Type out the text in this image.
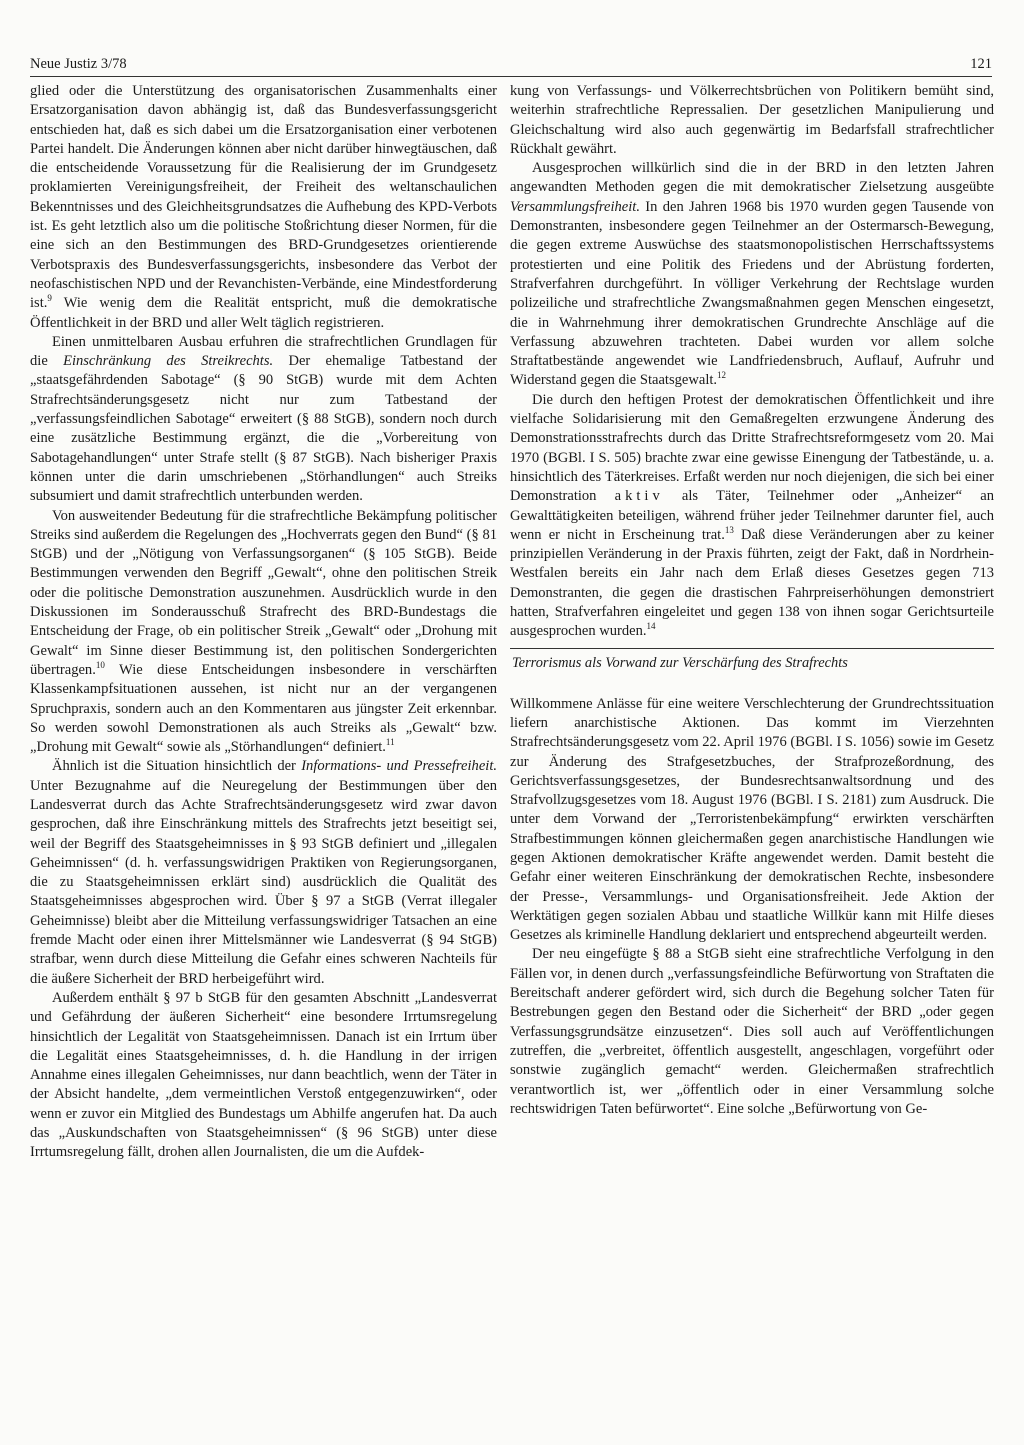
Neue Justiz 3/78	121

glied oder die Unterstützung des organisatorischen Zusammenhalts einer Ersatzorganisation davon abhängig ist, daß das Bundesverfassungsgericht entschieden hat, daß es sich dabei um die Ersatzorganisation einer verbotenen Partei handelt. Die Änderungen können aber nicht darüber hinwegtäuschen, daß die entscheidende Voraussetzung für die Realisierung der im Grundgesetz proklamierten Vereinigungsfreiheit, der Freiheit des weltanschaulichen Bekenntnisses und des Gleichheitsgrundsatzes die Aufhebung des KPD-Verbots ist. Es geht letztlich also um die politische Stoßrichtung dieser Normen, für die eine sich an den Bestimmungen des BRD-Grundgesetzes orientierende Verbotspraxis des Bundesverfassungsgerichts, insbesondere das Verbot der neofaschistischen NPD und der Revanchisten-Verbände, eine Mindestforderung ist.$^9$ Wie wenig dem die Realität entspricht, muß die demokratische Öffentlichkeit in der BRD und aller Welt täglich registrieren.

Einen unmittelbaren Ausbau erfuhren die strafrechtlichen Grundlagen für die Einschränkung des Streikrechts. Der ehemalige Tatbestand der „staatsgefährdenden Sabotage“ (§ 90 StGB) wurde mit dem Achten Strafrechtsänderungsgesetz nicht nur zum Tatbestand der „verfassungsfeindlichen Sabotage“ erweitert (§ 88 StGB), sondern noch durch eine zusätzliche Bestimmung ergänzt, die die „Vorbereitung von Sabotagehandlungen“ unter Strafe stellt (§ 87 StGB). Nach bisheriger Praxis können unter die darin umschriebenen „Störhandlungen“ auch Streiks subsumiert und damit strafrechtlich unterbunden werden.

Von ausweitender Bedeutung für die strafrechtliche Bekämpfung politischer Streiks sind außerdem die Regelungen des „Hochverrats gegen den Bund“ (§ 81 StGB) und der „Nötigung von Verfassungsorganen“ (§ 105 StGB). Beide Bestimmungen verwenden den Begriff „Gewalt“, ohne den politischen Streik oder die politische Demonstration auszunehmen. Ausdrücklich wurde in den Diskussionen im Sonderausschuß Strafrecht des BRD-Bundestags die Entscheidung der Frage, ob ein politischer Streik „Gewalt“ oder „Drohung mit Gewalt“ im Sinne dieser Bestimmung ist, den politischen Sondergerichten übertragen.$^{10}$ Wie diese Entscheidungen insbesondere in verschärften Klassenkampfsituationen aussehen, ist nicht nur an der vergangenen Spruchpraxis, sondern auch an den Kommentaren aus jüngster Zeit erkennbar. So werden sowohl Demonstrationen als auch Streiks als „Gewalt“ bzw. „Drohung mit Gewalt“ sowie als „Störhandlungen“ definiert.$^{11}$

Ähnlich ist die Situation hinsichtlich der Informations- und Pressefreiheit. Unter Bezugnahme auf die Neuregelung der Bestimmungen über den Landesverrat durch das Achte Strafrechtsänderungsgesetz wird zwar davon gesprochen, daß ihre Einschränkung mittels des Strafrechts jetzt beseitigt sei, weil der Begriff des Staatsgeheimnisses in § 93 StGB definiert und „illegalen Geheimnissen“ (d. h. verfassungswidrigen Praktiken von Regierungsorganen, die zu Staatsgeheimnissen erklärt sind) ausdrücklich die Qualität des Staatsgeheimnisses abgesprochen wird. Über § 97 a StGB (Verrat illegaler Geheimnisse) bleibt aber die Mitteilung verfassungswidriger Tatsachen an eine fremde Macht oder einen ihrer Mittelsmänner wie Landesverrat (§ 94 StGB) strafbar, wenn durch diese Mitteilung die Gefahr eines schweren Nachteils für die äußere Sicherheit der BRD herbeigeführt wird.

Außerdem enthält § 97 b StGB für den gesamten Abschnitt „Landesverrat und Gefährdung der äußeren Sicherheit“ eine besondere Irrtumsregelung hinsichtlich der Legalität von Staatsgeheimnissen. Danach ist ein Irrtum über die Legalität eines Staatsgeheimnisses, d. h. die Handlung in der irrigen Annahme eines illegalen Geheimnisses, nur dann beachtlich, wenn der Täter in der Absicht handelte, „dem vermeintlichen Verstoß entgegenzuwirken“, oder wenn er zuvor ein Mitglied des Bundestags um Abhilfe angerufen hat. Da auch das „Auskundschaften von Staatsgeheimnissen“ (§ 96 StGB) unter diese Irrtumsregelung fällt, drohen allen Journalisten, die um die Aufdek-

kung von Verfassungs- und Völkerrechtsbrüchen von Politikern bemüht sind, weiterhin strafrechtliche Repressalien. Der gesetzlichen Manipulierung und Gleichschaltung wird also auch gegenwärtig im Bedarfsfall strafrechtlicher Rückhalt gewährt.

Ausgesprochen willkürlich sind die in der BRD in den letzten Jahren angewandten Methoden gegen die mit demokratischer Zielsetzung ausgeübte Versammlungsfreiheit. In den Jahren 1968 bis 1970 wurden gegen Tausende von Demonstranten, insbesondere gegen Teilnehmer an der Ostermarsch-Bewegung, die gegen extreme Auswüchse des staatsmonopolistischen Herrschaftssystems protestierten und eine Politik des Friedens und der Abrüstung forderten, Strafverfahren durchgeführt. In völliger Verkehrung der Rechtslage wurden polizeiliche und strafrechtliche Zwangsmaßnahmen gegen Menschen eingesetzt, die in Wahrnehmung ihrer demokratischen Grundrechte Anschläge auf die Verfassung abzuwehren trachteten. Dabei wurden vor allem solche Straftatbestände angewendet wie Landfriedensbruch, Auflauf, Aufruhr und Widerstand gegen die Staatsgewalt.$^{12}$

Die durch den heftigen Protest der demokratischen Öffentlichkeit und ihre vielfache Solidarisierung mit den Gemaßregelten erzwungene Änderung des Demonstrationsstrafrechts durch das Dritte Strafrechtsreformgesetz vom 20. Mai 1970 (BGBl. I S. 505) brachte zwar eine gewisse Einengung der Tatbestände, u. a. hinsichtlich des Täterkreises. Erfaßt werden nur noch diejenigen, die sich bei einer Demonstration aktiv als Täter, Teilnehmer oder „Anheizer“ an Gewalttätigkeiten beteiligen, während früher jeder Teilnehmer darunter fiel, auch wenn er nicht in Erscheinung trat.$^{13}$ Daß diese Veränderungen aber zu keiner prinzipiellen Veränderung in der Praxis führten, zeigt der Fakt, daß in Nordrhein-Westfalen bereits ein Jahr nach dem Erlaß dieses Gesetzes gegen 713 Demonstranten, die gegen die drastischen Fahrpreiserhöhungen demonstriert hatten, Strafverfahren eingeleitet und gegen 138 von ihnen sogar Gerichtsurteile ausgesprochen wurden.$^{14}$

Terrorismus als Vorwand zur Verschärfung des Strafrechts

Willkommene Anlässe für eine weitere Verschlechterung der Grundrechtssituation liefern anarchistische Aktionen. Das kommt im Vierzehnten Strafrechtsänderungsgesetz vom 22. April 1976 (BGBl. I S. 1056) sowie im Gesetz zur Änderung des Strafgesetzbuches, der Strafprozeßordnung, des Gerichtsverfassungsgesetzes, der Bundesrechtsanwaltsordnung und des Strafvollzugsgesetzes vom 18. August 1976 (BGBl. I S. 2181) zum Ausdruck. Die unter dem Vorwand der „Terroristenbekämpfung“ erwirkten verschärften Strafbestimmungen können gleichermaßen gegen anarchistische Handlungen wie gegen Aktionen demokratischer Kräfte angewendet werden. Damit besteht die Gefahr einer weiteren Einschränkung der demokratischen Rechte, insbesondere der Presse-, Versammlungs- und Organisationsfreiheit. Jede Aktion der Werktätigen gegen sozialen Abbau und staatliche Willkür kann mit Hilfe dieses Gesetzes als kriminelle Handlung deklariert und entsprechend abgeurteilt werden.

Der neu eingefügte § 88 a StGB sieht eine strafrechtliche Verfolgung in den Fällen vor, in denen durch „verfassungsfeindliche Befürwortung von Straftaten die Bereitschaft anderer gefördert wird, sich durch die Begehung solcher Taten für Bestrebungen gegen den Bestand oder die Sicherheit“ der BRD „oder gegen Verfassungsgrundsätze einzusetzen“. Dies soll auch auf Veröffentlichungen zutreffen, die „verbreitet, öffentlich ausgestellt, angeschlagen, vorgeführt oder sonstwie zugänglich gemacht“ werden. Gleichermaßen strafrechtlich verantwortlich ist, wer „öffentlich oder in einer Versammlung solche rechtswidrigen Taten befürwortet“. Eine solche „Befürwortung von Ge-
